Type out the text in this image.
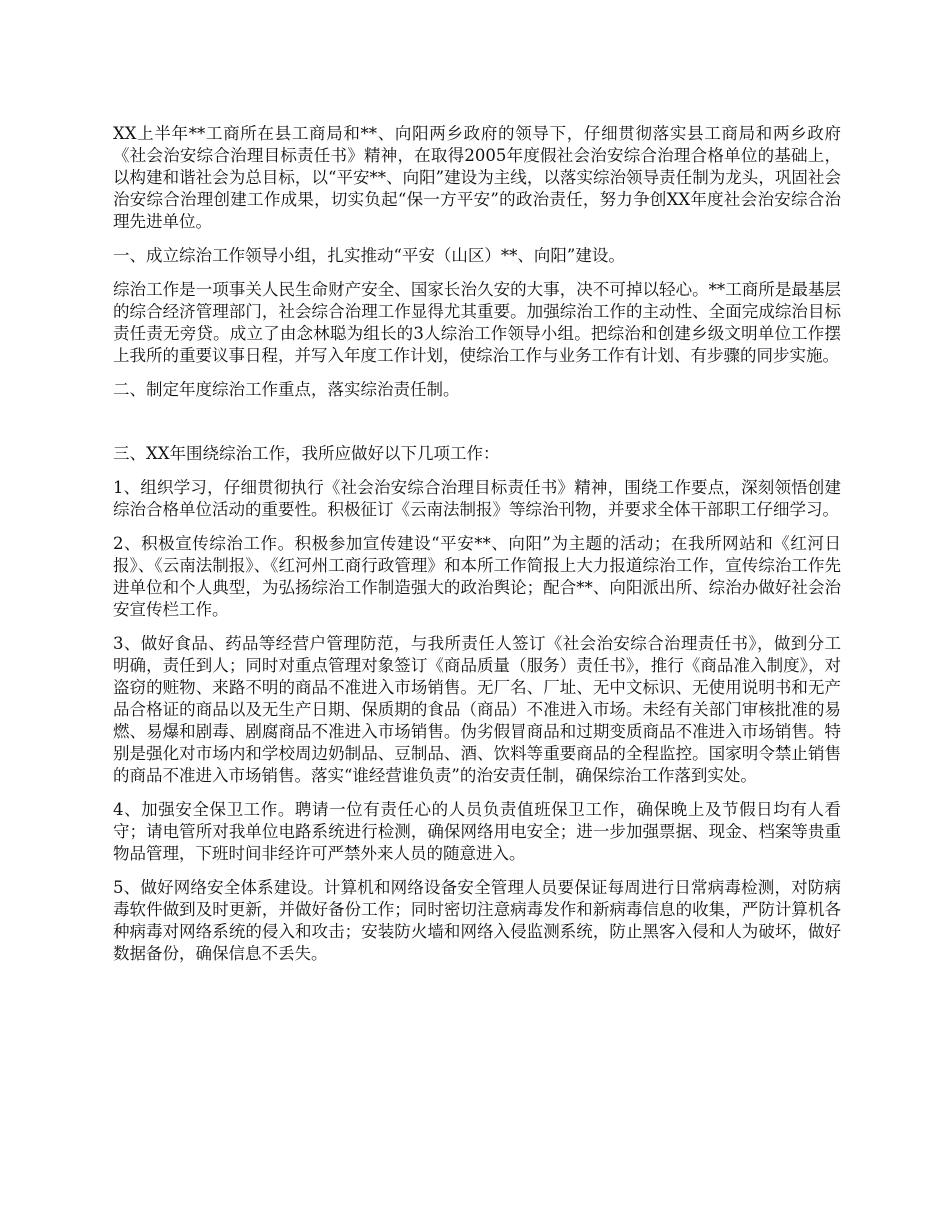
XX上半年**工商所在县工商局和**、向阳两乡政府的领导下，仔细贯彻落实县工商局和两乡政府《社会治安综合治理目标责任书》精神，在取得2005年度假社会治安综合治理合格单位的基础上，以构建和谐社会为总目标，以“平安**、向阳”建设为主线，以落实综治领导责任制为龙头，巩固社会治安综合治理创建工作成果，切实负起“保一方平安”的政治责任，努力争创XX年度社会治安综合治理先进单位。

一、成立综治工作领导小组，扎实推动“平安（山区）**、向阳”建设。

综治工作是一项事关人民生命财产安全、国家长治久安的大事，决不可掉以轻心。**工商所是最基层的综合经济管理部门，社会综合治理工作显得尤其重要。加强综治工作的主动性、全面完成综治目标责任责无旁贷。成立了由念林聪为组长的3人综治工作领导小组。把综治和创建乡级文明单位工作摆上我所的重要议事日程，并写入年度工作计划，使综治工作与业务工作有计划、有步骤的同步实施。

二、制定年度综治工作重点，落实综治责任制。

三、XX年围绕综治工作，我所应做好以下几项工作：

1、组织学习，仔细贯彻执行《社会治安综合治理目标责任书》精神，围绕工作要点，深刻领悟创建综治合格单位活动的重要性。积极征订《云南法制报》等综治刊物，并要求全体干部职工仔细学习。

2、积极宣传综治工作。积极参加宣传建设“平安**、向阳”为主题的活动；在我所网站和《红河日报》、《云南法制报》、《红河州工商行政管理》和本所工作简报上大力报道综治工作，宣传综治工作先进单位和个人典型，为弘扬综治工作制造强大的政治舆论；配合**、向阳派出所、综治办做好社会治安宣传栏工作。

3、做好食品、药品等经营户管理防范，与我所责任人签订《社会治安综合治理责任书》，做到分工明确，责任到人；同时对重点管理对象签订《商品质量（服务）责任书》，推行《商品准入制度》，对盗窃的赃物、来路不明的商品不准进入市场销售。无厂名、厂址、无中文标识、无使用说明书和无产品合格证的商品以及无生产日期、保质期的食品（商品）不准进入市场。未经有关部门审核批准的易燃、易爆和剧毒、剧腐商品不准进入市场销售。伪劣假冒商品和过期变质商品不准进入市场销售。特别是强化对市场内和学校周边奶制品、豆制品、酒、饮料等重要商品的全程监控。国家明令禁止销售的商品不准进入市场销售。落实“谁经营谁负责”的治安责任制，确保综治工作落到实处。

4、加强安全保卫工作。聘请一位有责任心的人员负责值班保卫工作，确保晚上及节假日均有人看守；请电管所对我单位电路系统进行检测，确保网络用电安全；进一步加强票据、现金、档案等贵重物品管理，下班时间非经许可严禁外来人员的随意进入。

5、做好网络安全体系建设。计算机和网络设备安全管理人员要保证每周进行日常病毒检测，对防病毒软件做到及时更新，并做好备份工作；同时密切注意病毒发作和新病毒信息的收集，严防计算机各种病毒对网络系统的侵入和攻击；安装防火墙和网络入侵监测系统，防止黑客入侵和人为破坏，做好数据备份，确保信息不丢失。
